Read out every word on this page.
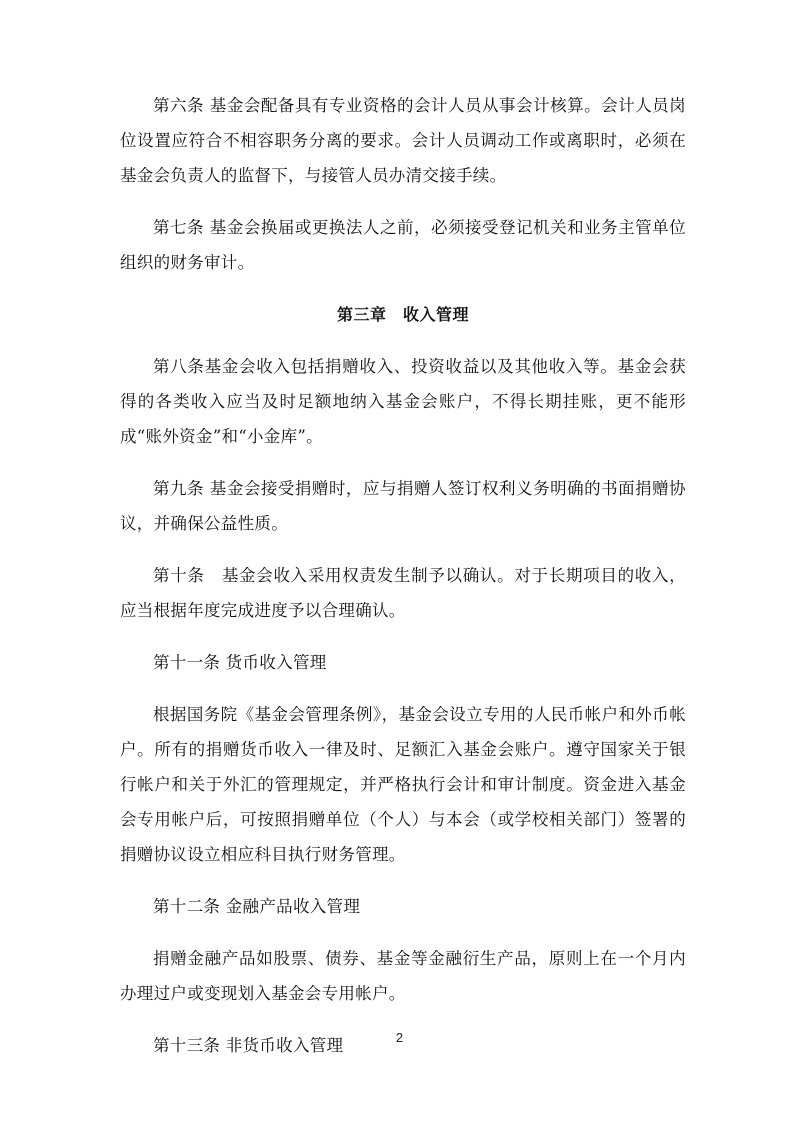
第六条 基金会配备具有专业资格的会计人员从事会计核算。会计人员岗位设置应符合不相容职务分离的要求。会计人员调动工作或离职时，必须在基金会负责人的监督下，与接管人员办清交接手续。

第七条 基金会换届或更换法人之前，必须接受登记机关和业务主管单位组织的财务审计。

第三章　收入管理

第八条基金会收入包括捐赠收入、投资收益以及其他收入等。基金会获得的各类收入应当及时足额地纳入基金会账户，不得长期挂账，更不能形成“账外资金”和“小金库”。

第九条 基金会接受捐赠时，应与捐赠人签订权利义务明确的书面捐赠协议，并确保公益性质。

第十条　基金会收入采用权责发生制予以确认。对于长期项目的收入，应当根据年度完成进度予以合理确认。

第十一条 货币收入管理

根据国务院《基金会管理条例》，基金会设立专用的人民币帐户和外币帐户。所有的捐赠货币收入一律及时、足额汇入基金会账户。遵守国家关于银行帐户和关于外汇的管理规定，并严格执行会计和审计制度。资金进入基金会专用帐户后，可按照捐赠单位（个人）与本会（或学校相关部门）签署的捐赠协议设立相应科目执行财务管理。

第十二条 金融产品收入管理

捐赠金融产品如股票、债券、基金等金融衍生产品，原则上在一个月内办理过户或变现划入基金会专用帐户。

第十三条 非货币收入管理	2
